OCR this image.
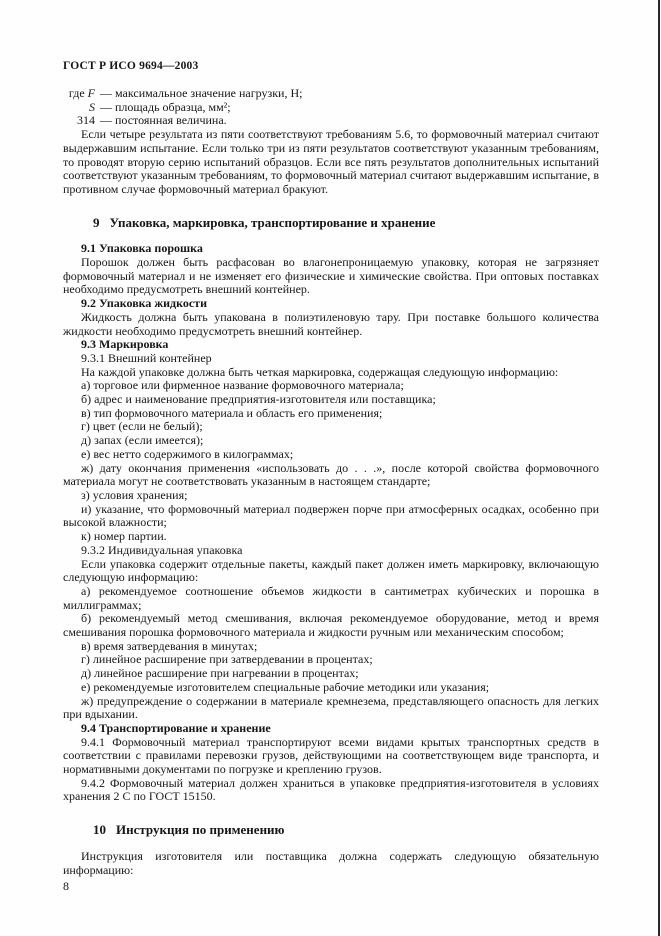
ГОСТ Р ИСО 9694—2003
где F — максимальное значение нагрузки, Н;
S — площадь образца, мм²;
314 — постоянная величина.

Если четыре результата из пяти соответствуют требованиям 5.6, то формовочный материал считают выдержавшим испытание. Если только три из пяти результатов соответствуют указанным требованиям, то проводят вторую серию испытаний образцов. Если все пять результатов дополнительных испытаний соответствуют указанным требованиям, то формовочный материал считают выдержавшим испытание, в противном случае формовочный материал бракуют.

9 Упаковка, маркировка, транспортирование и хранение

9.1 Упаковка порошка

Порошок должен быть расфасован во влагонепроницаемую упаковку, которая не загрязняет формовочный материал и не изменяет его физические и химические свойства. При оптовых поставках необходимо предусмотреть внешний контейнер.

9.2 Упаковка жидкости

Жидкость должна быть упакована в полиэтиленовую тару. При поставке большого количества жидкости необходимо предусмотреть внешний контейнер.

9.3 Маркировка

9.3.1 Внешний контейнер

На каждой упаковке должна быть четкая маркировка, содержащая следующую информацию:

а) торговое или фирменное название формовочного материала;

б) адрес и наименование предприятия-изготовителя или поставщика;

в) тип формовочного материала и область его применения;

г) цвет (если не белый);

д) запах (если имеется);

е) вес нетто содержимого в килограммах;

ж) дату окончания применения «использовать до . . .», после которой свойства формовочного материала могут не соответствовать указанным в настоящем стандарте;

з) условия хранения;

и) указание, что формовочный материал подвержен порче при атмосферных осадках, особенно при высокой влажности;

к) номер партии.

9.3.2 Индивидуальная упаковка

Если упаковка содержит отдельные пакеты, каждый пакет должен иметь маркировку, включающую следующую информацию:

а) рекомендуемое соотношение объемов жидкости в сантиметрах кубических и порошка в миллиграммах;

б) рекомендуемый метод смешивания, включая рекомендуемое оборудование, метод и время смешивания порошка формовочного материала и жидкости ручным или механическим способом;

в) время затвердевания в минутах;

г) линейное расширение при затвердевании в процентах;

д) линейное расширение при нагревании в процентах;

е) рекомендуемые изготовителем специальные рабочие методики или указания;

ж) предупреждение о содержании в материале кремнезема, представляющего опасность для легких при вдыхании.

9.4 Транспортирование и хранение

9.4.1 Формовочный материал транспортируют всеми видами крытых транспортных средств в соответствии с правилами перевозки грузов, действующими на соответствующем виде транспорта, и нормативными документами по погрузке и креплению грузов.

9.4.2 Формовочный материал должен храниться в упаковке предприятия-изготовителя в условиях хранения 2 С по ГОСТ 15150.

10 Инструкция по применению

Инструкция изготовителя или поставщика должна содержать следующую обязательную информацию:

8
